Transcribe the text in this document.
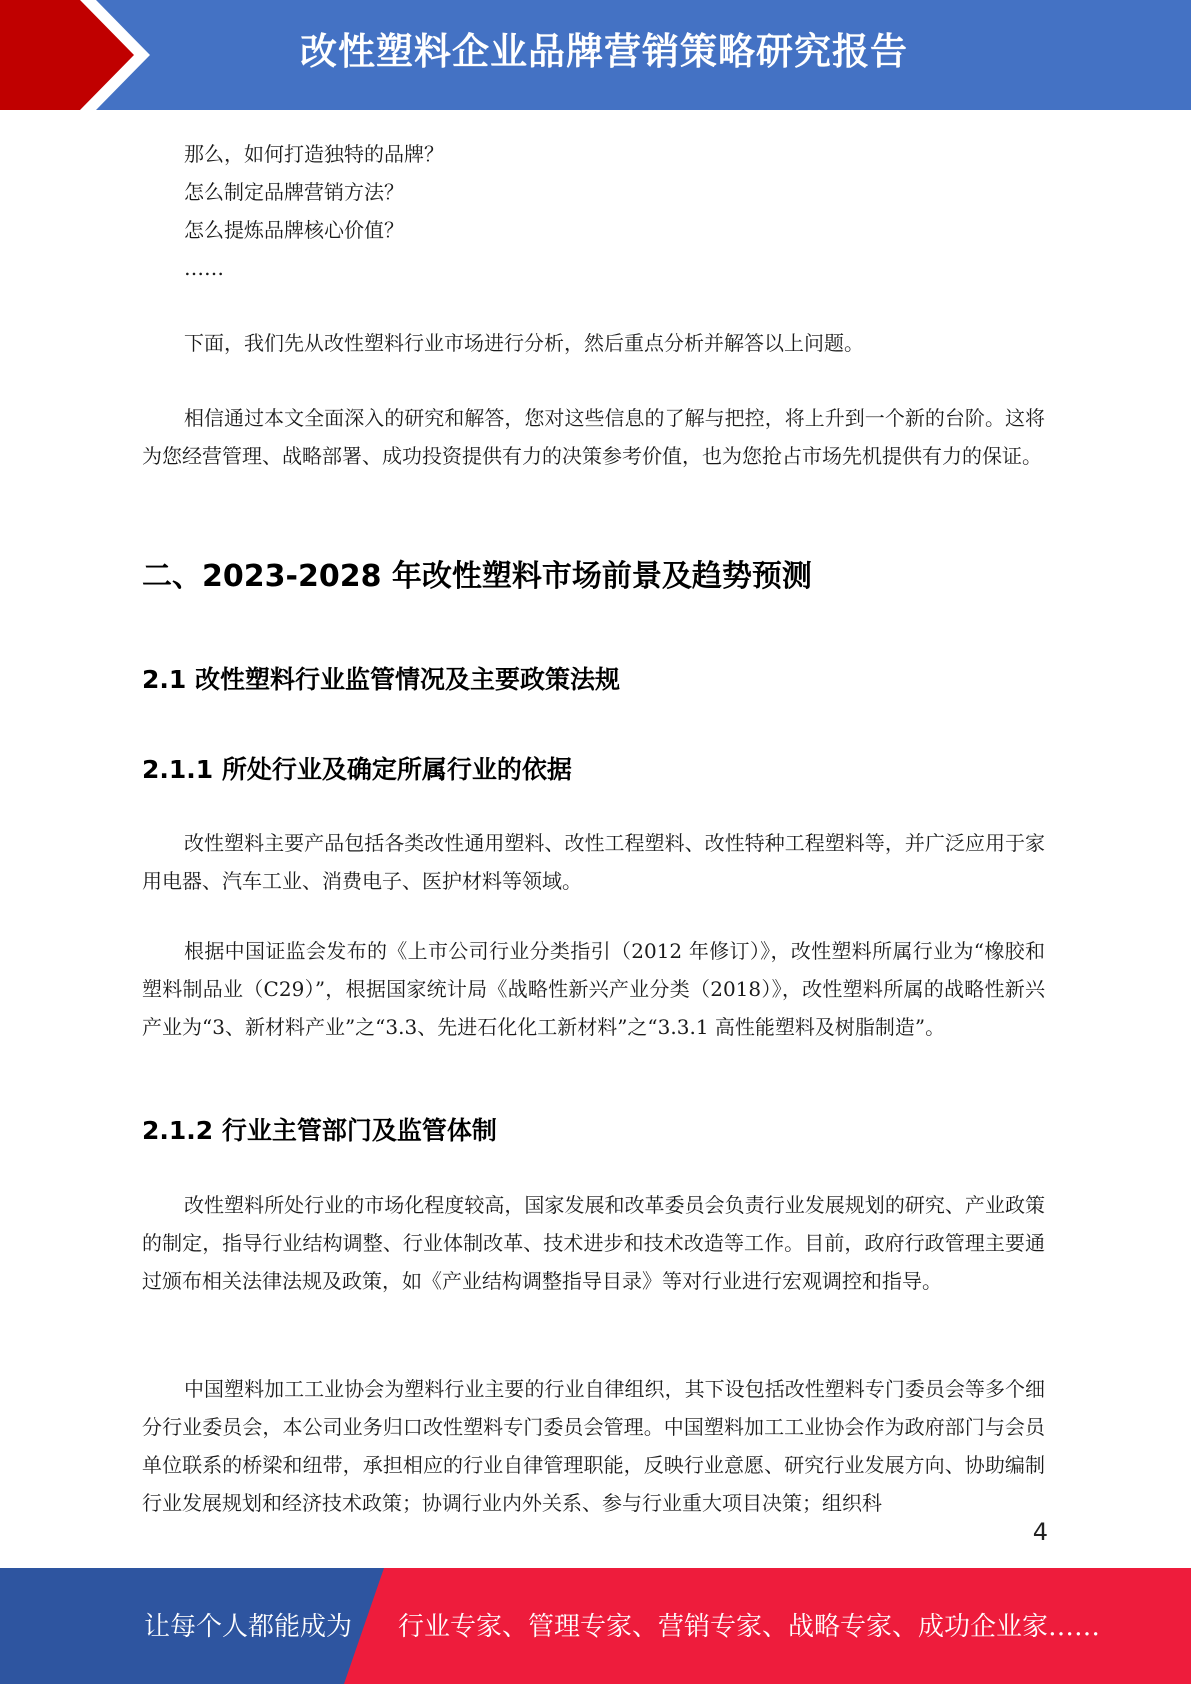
改性塑料企业品牌营销策略研究报告

那么，如何打造独特的品牌？

怎么制定品牌营销方法？

怎么提炼品牌核心价值？

……

下面，我们先从改性塑料行业市场进行分析，然后重点分析并解答以上问题。

相信通过本文全面深入的研究和解答，您对这些信息的了解与把控，将上升到一个新的台阶。这将为您经营管理、战略部署、成功投资提供有力的决策参考价值，也为您抢占市场先机提供有力的保证。

二、2023-2028 年改性塑料市场前景及趋势预测
2.1 改性塑料行业监管情况及主要政策法规
2.1.1 所处行业及确定所属行业的依据

改性塑料主要产品包括各类改性通用塑料、改性工程塑料、改性特种工程塑料等，并广泛应用于家用电器、汽车工业、消费电子、医护材料等领域。

根据中国证监会发布的《上市公司行业分类指引（2012 年修订）》，改性塑料所属行业为“橡胶和塑料制品业（C29）”，根据国家统计局《战略性新兴产业分类（2018）》，改性塑料所属的战略性新兴产业为“3、新材料产业”之“3.3、先进石化化工新材料”之“3.3.1 高性能塑料及树脂制造”。

2.1.2 行业主管部门及监管体制

改性塑料所处行业的市场化程度较高，国家发展和改革委员会负责行业发展规划的研究、产业政策的制定，指导行业结构调整、行业体制改革、技术进步和技术改造等工作。目前，政府行政管理主要通过颁布相关法律法规及政策，如《产业结构调整指导目录》等对行业进行宏观调控和指导。

中国塑料加工工业协会为塑料行业主要的行业自律组织，其下设包括改性塑料专门委员会等多个细分行业委员会，本公司业务归口改性塑料专门委员会管理。中国塑料加工工业协会作为政府部门与会员单位联系的桥梁和纽带，承担相应的行业自律管理职能，反映行业意愿、研究行业发展方向、协助编制行业发展规划和经济技术政策；协调行业内外关系、参与行业重大项目决策；组织科

4
让每个人都能成为 行业专家、管理专家、营销专家、战略专家、成功企业家……
